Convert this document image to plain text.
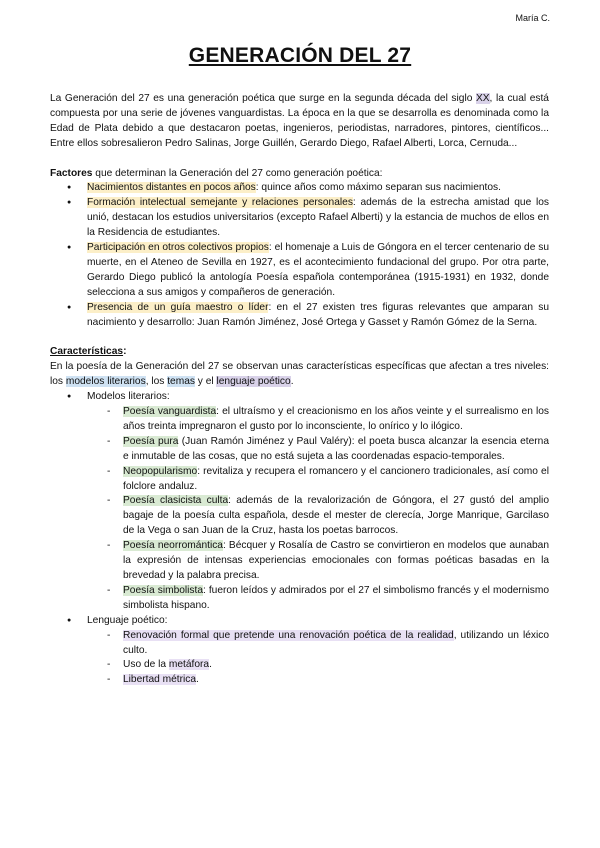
María C.
GENERACIÓN DEL 27

La Generación del 27 es una generación poética que surge en la segunda década del siglo XX, la cual está compuesta por una serie de jóvenes vanguardistas. La época en la que se desarrolla es denominada como la Edad de Plata debido a que destacaron poetas, ingenieros, periodistas, narradores, pintores, científicos... Entre ellos sobresalieron Pedro Salinas, Jorge Guillén, Gerardo Diego, Rafael Alberti, Lorca, Cernuda...

Factores que determinan la Generación del 27 como generación poética:

● Nacimientos distantes en pocos años: quince años como máximo separan sus nacimientos.
● Formación intelectual semejante y relaciones personales: además de la estrecha amistad que los unió, destacan los estudios universitarios (excepto Rafael Alberti) y la estancia de muchos de ellos en la Residencia de estudiantes.
● Participación en otros colectivos propios: el homenaje a Luis de Góngora en el tercer centenario de su muerte, en el Ateneo de Sevilla en 1927, es el acontecimiento fundacional del grupo. Por otra parte, Gerardo Diego publicó la antología Poesía española contemporánea (1915-1931) en 1932, donde selecciona a sus amigos y compañeros de generación.
● Presencia de un guía maestro o líder: en el 27 existen tres figuras relevantes que amparan su nacimiento y desarrollo: Juan Ramón Jiménez, José Ortega y Gasset y Ramón Gómez de la Serna.

Características:

En la poesía de la Generación del 27 se observan unas características específicas que afectan a tres niveles: los modelos literarios, los temas y el lenguaje poético.

● Modelos literarios:
- Poesía vanguardista: el ultraísmo y el creacionismo en los años veinte y el surrealismo en los años treinta impregnaron el gusto por lo inconsciente, lo onírico y lo ilógico.
- Poesía pura (Juan Ramón Jiménez y Paul Valéry): el poeta busca alcanzar la esencia eterna e inmutable de las cosas, que no está sujeta a las coordenadas espacio-temporales.
- Neopopularismo: revitaliza y recupera el romancero y el cancionero tradicionales, así como el folclore andaluz.
- Poesía clasicista culta: además de la revalorización de Góngora, el 27 gustó del amplio bagaje de la poesía culta española, desde el mester de clerecía, Jorge Manrique, Garcilaso de la Vega o san Juan de la Cruz, hasta los poetas barrocos.
- Poesía neorromántica: Bécquer y Rosalía de Castro se convirtieron en modelos que aunaban la expresión de intensas experiencias emocionales con formas poéticas basadas en la brevedad y la palabra precisa.
- Poesía simbolista: fueron leídos y admirados por el 27 el simbolismo francés y el modernismo simbolista hispano.
● Lenguaje poético:
- Renovación formal que pretende una renovación poética de la realidad, utilizando un léxico culto.
- Uso de la metáfora.
- Libertad métrica.
